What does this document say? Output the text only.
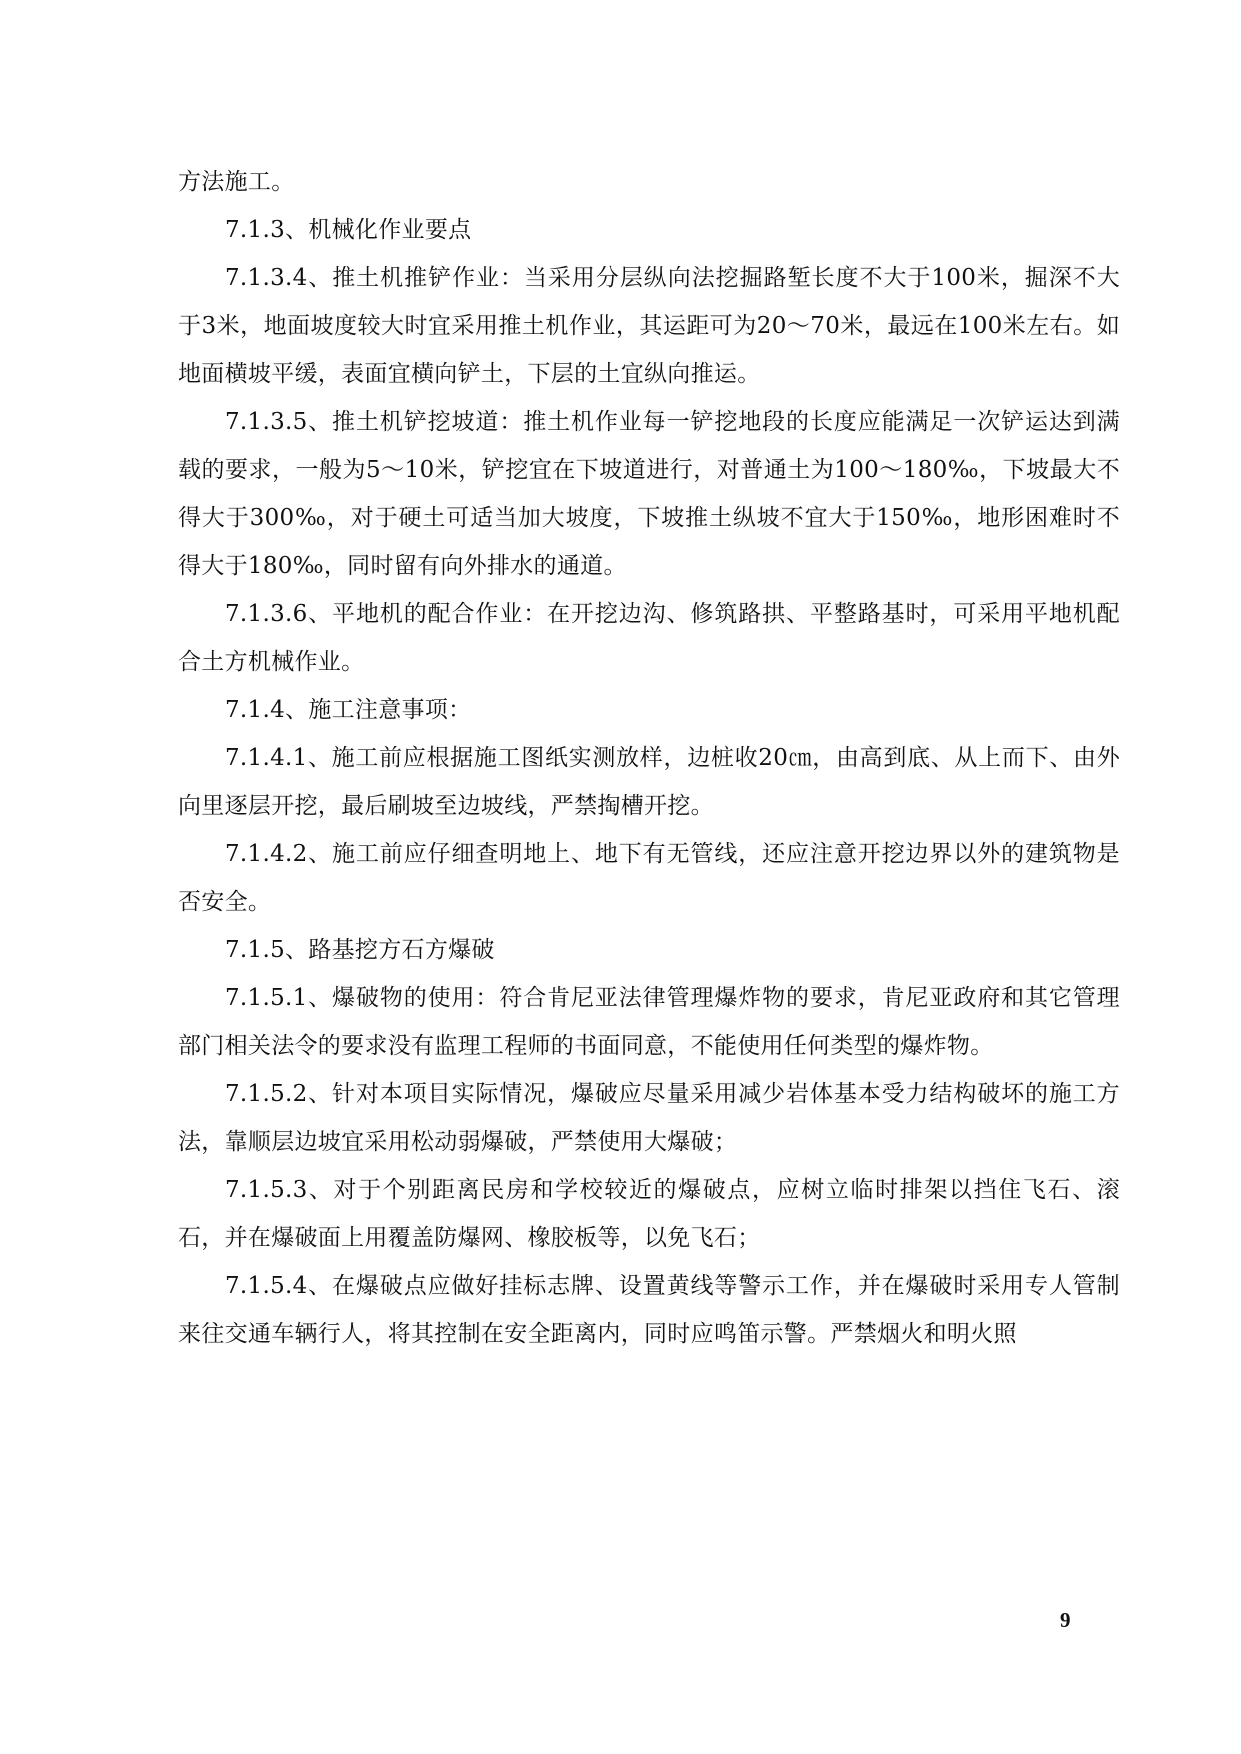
方法施工。

7.1.3、机械化作业要点

7.1.3.4、推土机推铲作业：当采用分层纵向法挖掘路堑长度不大于100米，掘深不大于3米，地面坡度较大时宜采用推土机作业，其运距可为20～70米，最远在100米左右。如地面横坡平缓，表面宜横向铲土，下层的土宜纵向推运。

7.1.3.5、推土机铲挖坡道：推土机作业每一铲挖地段的长度应能满足一次铲运达到满载的要求，一般为5～10米，铲挖宜在下坡道进行，对普通土为100～180‰，下坡最大不得大于300‰，对于硬土可适当加大坡度，下坡推土纵坡不宜大于150‰，地形困难时不得大于180‰，同时留有向外排水的通道。

7.1.3.6、平地机的配合作业：在开挖边沟、修筑路拱、平整路基时，可采用平地机配合土方机械作业。

7.1.4、施工注意事项：

7.1.4.1、施工前应根据施工图纸实测放样，边桩收20㎝，由高到底、从上而下、由外向里逐层开挖，最后刷坡至边坡线，严禁掏槽开挖。

7.1.4.2、施工前应仔细查明地上、地下有无管线，还应注意开挖边界以外的建筑物是否安全。

7.1.5、路基挖方石方爆破

7.1.5.1、爆破物的使用：符合肯尼亚法律管理爆炸物的要求，肯尼亚政府和其它管理部门相关法令的要求没有监理工程师的书面同意，不能使用任何类型的爆炸物。

7.1.5.2、针对本项目实际情况，爆破应尽量采用减少岩体基本受力结构破坏的施工方法，靠顺层边坡宜采用松动弱爆破，严禁使用大爆破；

7.1.5.3、对于个别距离民房和学校较近的爆破点，应树立临时排架以挡住飞石、滚石，并在爆破面上用覆盖防爆网、橡胶板等，以免飞石；

7.1.5.4、在爆破点应做好挂标志牌、设置黄线等警示工作，并在爆破时采用专人管制来往交通车辆行人，将其控制在安全距离内，同时应鸣笛示警。严禁烟火和明火照

9
